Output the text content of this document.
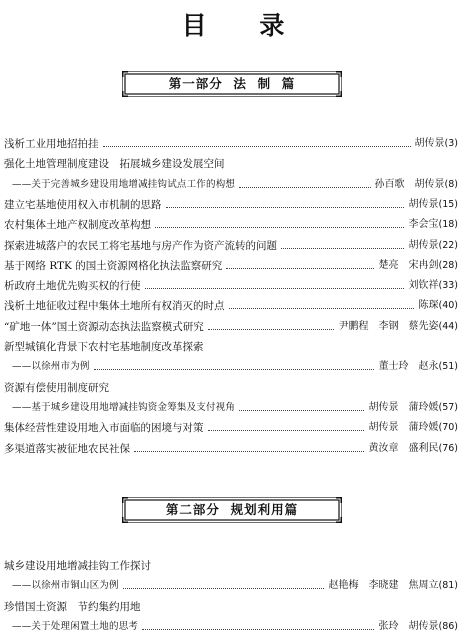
目 录
第一部分  法  制  篇
浅析工业用地招拍挂	胡传景(3)
强化土地管理制度建设　拓展城乡建设发展空间
——关于完善城乡建设用地增减挂钩试点工作的构想	孙百歌　胡传景(8)
建立宅基地使用权入市机制的思路	胡传景(15)
农村集体土地产权制度改革构想	李会宝(18)
探索进城落户的农民工将宅基地与房产作为资产流转的问题	胡传景(22)
基于网络 RTK 的国土资源网格化执法监察研究	楚亮　宋冉剑(28)
析政府土地优先购买权的行使	刘钦祥(33)
浅析土地征收过程中集体土地所有权消灭的时点	陈琛(40)
“矿地一体”国土资源动态执法监察模式研究	尹鹏程　李钢　蔡先姿(44)
新型城镇化背景下农村宅基地制度改革探索
——以徐州市为例	董士玲　赵永(51)
资源有偿使用制度研究
——基于城乡建设用地增减挂钩资金筹集及支付视角	胡传景　蒲玲媛(57)
集体经营性建设用地入市面临的困境与对策	胡传景　蒲玲媛(70)
多渠道落实被征地农民社保	黄汝章　盛利民(76)
第二部分  规划利用篇
城乡建设用地增减挂钩工作探讨
——以徐州市铜山区为例	赵艳梅　李晓建　焦周立(81)
珍惜国土资源　节约集约用地
——关于处理闲置土地的思考	张玲　胡传景(86)
